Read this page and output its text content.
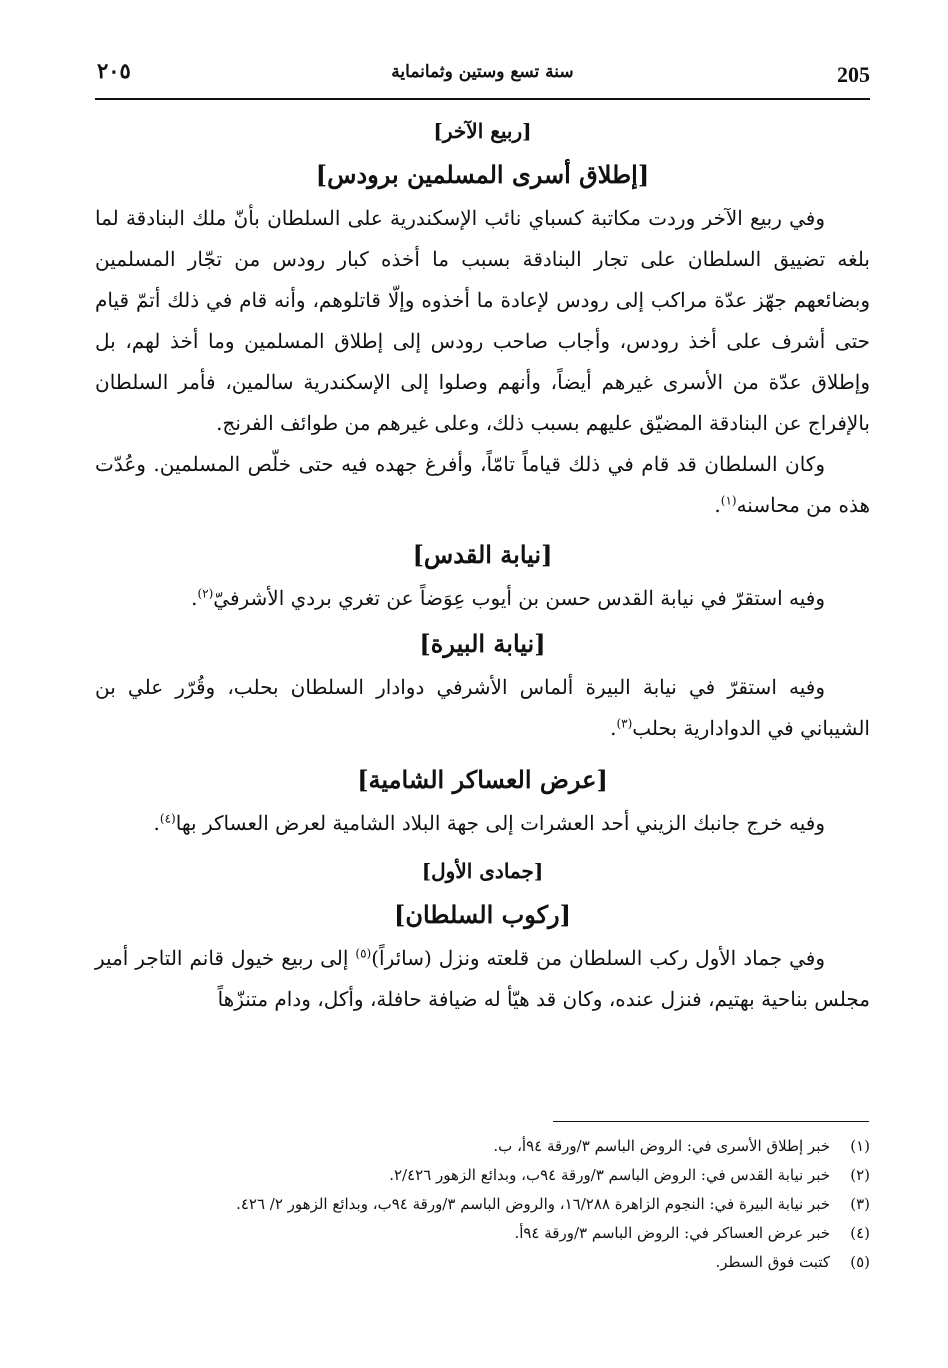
205
سنة تسع وستين وثمانماية
٢٠٥
[ربيع الآخر]
[إطلاق أسرى المسلمين برودس]

وفي ربيع الآخر وردت مكاتبة كسباي نائب الإسكندرية على السلطان بأنّ ملك البنادقة لما بلغه تضييق السلطان على تجار البنادقة بسبب ما أخذه كبار رودس من تجّار المسلمين وبضائعهم جهّز عدّة مراكب إلى رودس لإعادة ما أخذوه وإلّا قاتلوهم، وأنه قام في ذلك أتمّ قيام حتى أشرف على أخذ رودس، وأجاب صاحب رودس إلى إطلاق المسلمين وما أخذ لهم، بل وإطلاق عدّة من الأسرى غيرهم أيضاً، وأنهم وصلوا إلى الإسكندرية سالمين، فأمر السلطان بالإفراج عن البنادقة المضيّق عليهم بسبب ذلك، وعلى غيرهم من طوائف الفرنج.

وكان السلطان قد قام في ذلك قياماً تامّاً، وأفرغ جهده فيه حتى خلّص المسلمين. وعُدّت هذه من محاسنه$^{(١)}$.

[نيابة القدس]

وفيه استقرّ في نيابة القدس حسن بن أيوب عِوَضاً عن تغري بردي الأشرفيّ$^{(٢)}$.

[نيابة البيرة]

وفيه استقرّ في نيابة البيرة ألماس الأشرفي دوادار السلطان بحلب، وقُرّر علي بن الشيباني في الدوادارية بحلب$^{(٣)}$.

[عرض العساكر الشامية]

وفيه خرج جانبك الزيني أحد العشرات إلى جهة البلاد الشامية لعرض العساكر بها$^{(٤)}$.

[جمادى الأول]
[ركوب السلطان]

وفي جماد الأول ركب السلطان من قلعته ونزل (سائراً)$^{(٥)}$ إلى ربيع خيول قانم التاجر أمير مجلس بناحية بهتيم، فنزل عنده، وكان قد هيّأ له ضيافة حافلة، وأكل، ودام متنزّهاً

(١)
خبر إطلاق الأسرى في: الروض الباسم ٣/ورقة ٩٤أ، ب.

(٢)
خبر نيابة القدس في: الروض الباسم ٣/ورقة ٩٤ب، وبدائع الزهور ٢/٤٢٦.

(٣)
خبر نيابة البيرة في: النجوم الزاهرة ١٦/٢٨٨، والروض الباسم ٣/ورقة ٩٤ب، وبدائع الزهور ٢/ ٤٢٦.

(٤)
خبر عرض العساكر في: الروض الباسم ٣/ورقة ٩٤أ.

(٥)
كتبت فوق السطر.
